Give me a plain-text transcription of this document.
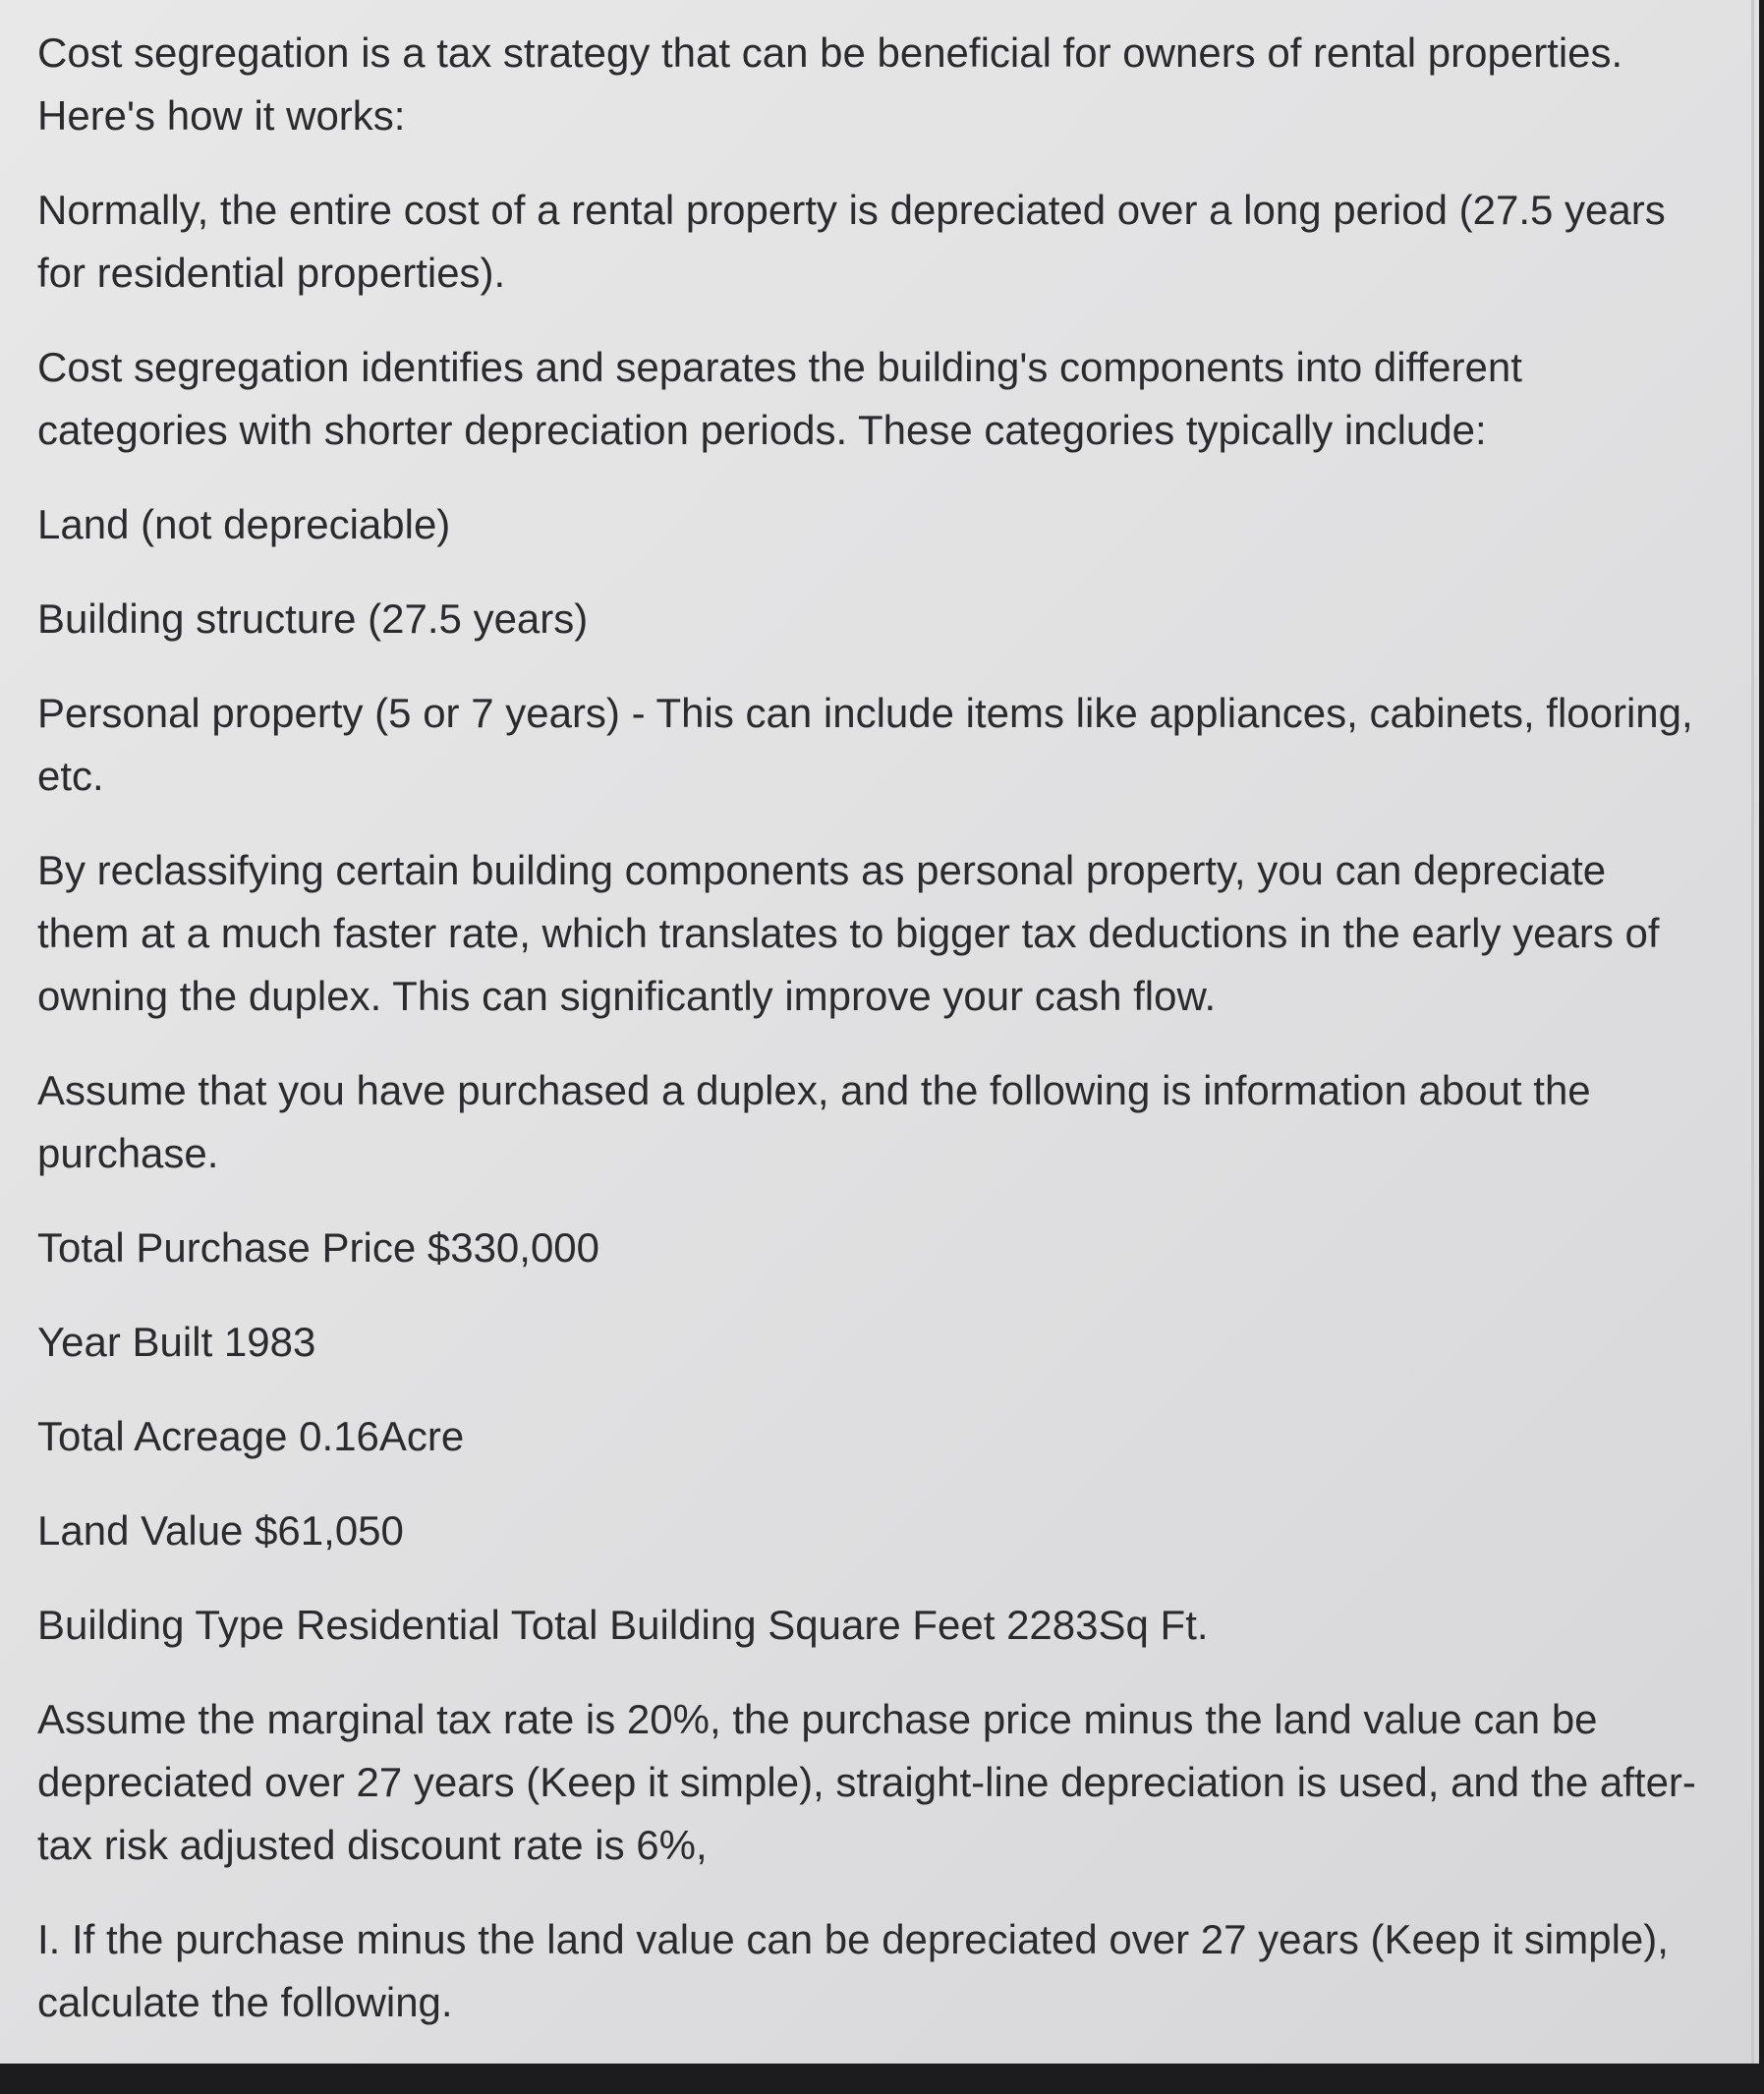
Cost segregation is a tax strategy that can be beneficial for owners of rental properties. Here's how it works:

Normally, the entire cost of a rental property is depreciated over a long period (27.5 years for residential properties).

Cost segregation identifies and separates the building's components into different categories with shorter depreciation periods. These categories typically include:

Land (not depreciable)

Building structure (27.5 years)

Personal property (5 or 7 years) - This can include items like appliances, cabinets, flooring, etc.

By reclassifying certain building components as personal property, you can depreciate them at a much faster rate, which translates to bigger tax deductions in the early years of owning the duplex. This can significantly improve your cash flow.

Assume that you have purchased a duplex, and the following is information about the purchase.

Total Purchase Price $330,000

Year Built 1983

Total Acreage 0.16Acre

Land Value $61,050

Building Type Residential Total Building Square Feet 2283Sq Ft.

Assume the marginal tax rate is 20%, the purchase price minus the land value can be depreciated over 27 years (Keep it simple), straight-line depreciation is used, and the after-tax risk adjusted discount rate is 6%,

I. If the purchase minus the land value can be depreciated over 27 years (Keep it simple), calculate the following.
